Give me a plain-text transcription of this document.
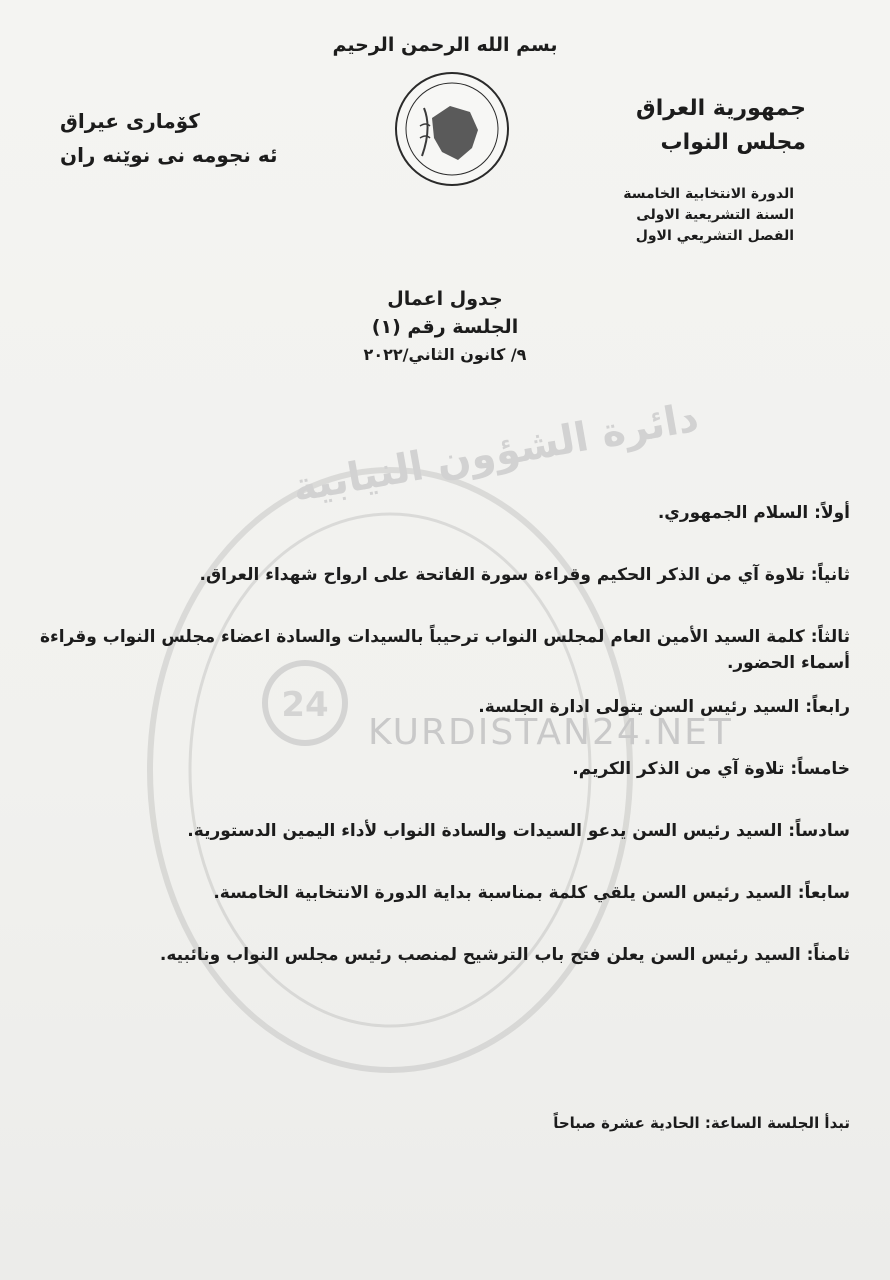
دائرة الشؤون النيابية
بسم الله الرحمن الرحيم
جمهورية العراق
مجلس النواب
كۆمارى عيراق
ئه نجومه نى نوێنه ران
الدورة الانتخابية الخامسة
السنة التشريعية الاولى
الفصل التشريعي الاول
جدول اعمال
الجلسة رقم (١)
٩/ كانون الثاني/٢٠٢٢
أولاً: السلام الجمهوري.
ثانياً: تلاوة آي من الذكر الحكيم وقراءة سورة الفاتحة على ارواح شهداء العراق.
ثالثاً: كلمة السيد الأمين العام لمجلس النواب ترحيباً بالسيدات والسادة اعضاء مجلس النواب وقراءة أسماء الحضور.
رابعاً: السيد رئيس السن يتولى ادارة الجلسة.
خامساً: تلاوة آي من الذكر الكريم.
سادساً: السيد رئيس السن يدعو السيدات والسادة النواب لأداء اليمين الدستورية.
سابعاً: السيد رئيس السن يلقي كلمة بمناسبة بداية الدورة الانتخابية الخامسة.
ثامناً: السيد رئيس السن يعلن فتح باب الترشيح لمنصب رئيس مجلس النواب ونائبيه.
تبدأ الجلسة الساعة: الحادية عشرة صباحاً
24
KURDISTAN24.NET
